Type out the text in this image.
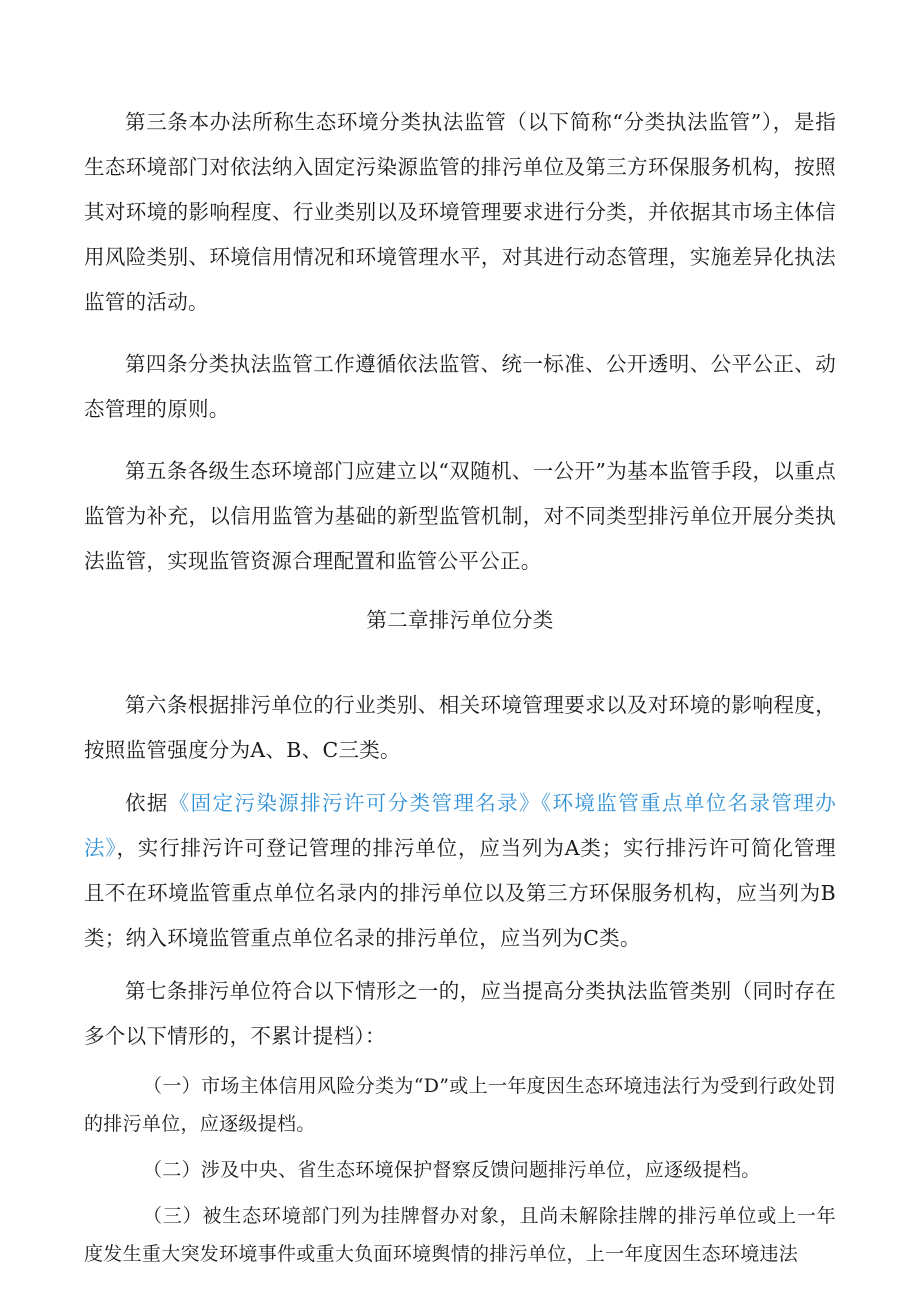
第三条本办法所称生态环境分类执法监管（以下简称“分类执法监管”），是指生态环境部门对依法纳入固定污染源监管的排污单位及第三方环保服务机构，按照其对环境的影响程度、行业类别以及环境管理要求进行分类，并依据其市场主体信用风险类别、环境信用情况和环境管理水平，对其进行动态管理，实施差异化执法监管的活动。

第四条分类执法监管工作遵循依法监管、统一标准、公开透明、公平公正、动态管理的原则。

第五条各级生态环境部门应建立以“双随机、一公开”为基本监管手段，以重点监管为补充，以信用监管为基础的新型监管机制，对不同类型排污单位开展分类执法监管，实现监管资源合理配置和监管公平公正。

第二章排污单位分类

第六条根据排污单位的行业类别、相关环境管理要求以及对环境的影响程度，按照监管强度分为A、B、C三类。

依据《固定污染源排污许可分类管理名录》《环境监管重点单位名录管理办法》，实行排污许可登记管理的排污单位，应当列为A类；实行排污许可简化管理且不在环境监管重点单位名录内的排污单位以及第三方环保服务机构，应当列为B类；纳入环境监管重点单位名录的排污单位，应当列为C类。

第七条排污单位符合以下情形之一的，应当提高分类执法监管类别（同时存在多个以下情形的，不累计提档）：

（一）市场主体信用风险分类为“D”或上一年度因生态环境违法行为受到行政处罚的排污单位，应逐级提档。

（二）涉及中央、省生态环境保护督察反馈问题排污单位，应逐级提档。

（三）被生态环境部门列为挂牌督办对象，且尚未解除挂牌的排污单位或上一年度发生重大突发环境事件或重大负面环境舆情的排污单位，上一年度因生态环境违法
